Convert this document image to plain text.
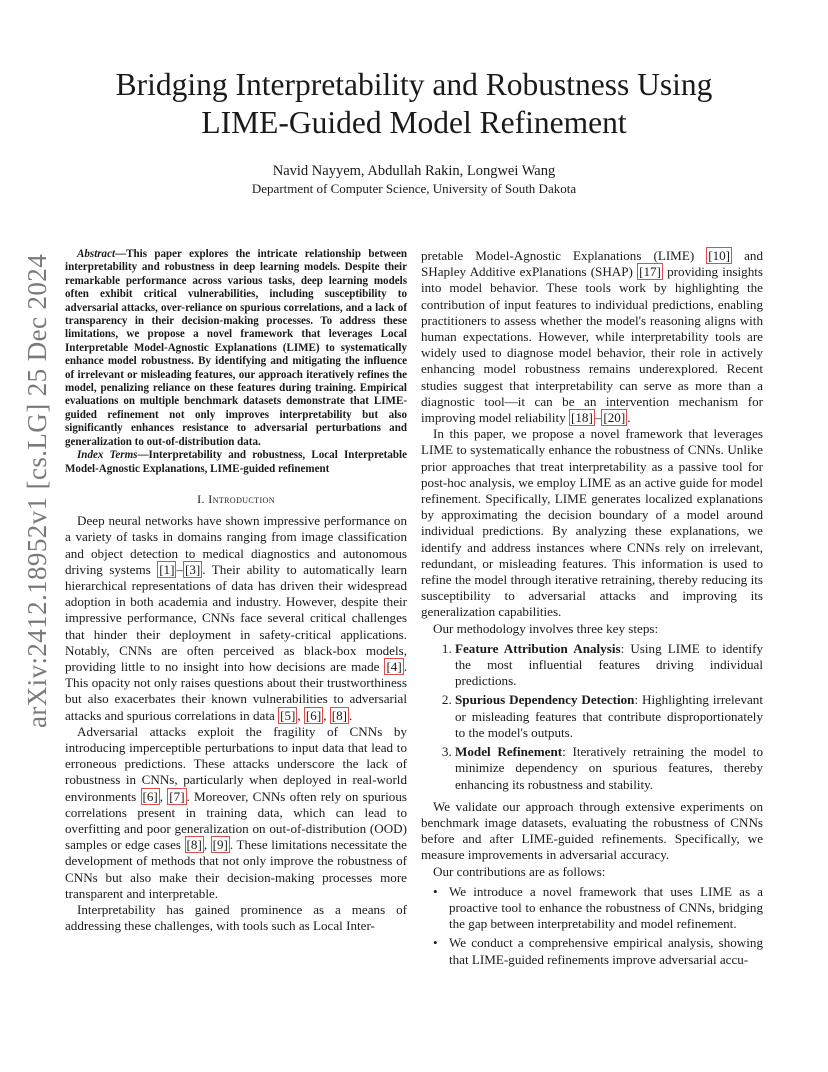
arXiv:2412.18952v1 [cs.LG] 25 Dec 2024
Bridging Interpretability and Robustness Using LIME-Guided Model Refinement
Navid Nayyem, Abdullah Rakin, Longwei Wang
Department of Computer Science, University of South Dakota

Abstract—This paper explores the intricate relationship between interpretability and robustness in deep learning models. Despite their remarkable performance across various tasks, deep learning models often exhibit critical vulnerabilities, including susceptibility to adversarial attacks, over-reliance on spurious correlations, and a lack of transparency in their decision-making processes. To address these limitations, we propose a novel framework that leverages Local Interpretable Model-Agnostic Explanations (LIME) to systematically enhance model robustness. By identifying and mitigating the influence of irrelevant or misleading features, our approach iteratively refines the model, penalizing reliance on these features during training. Empirical evaluations on multiple benchmark datasets demonstrate that LIME-guided refinement not only improves interpretability but also significantly enhances resistance to adversarial perturbations and generalization to out-of-distribution data.

Index Terms—Interpretability and robustness, Local Interpretable Model-Agnostic Explanations, LIME-guided refinement

I. Introduction

Deep neural networks have shown impressive performance on a variety of tasks in domains ranging from image classification and object detection to medical diagnostics and autonomous driving systems [1] – [3] . Their ability to automatically learn hierarchical representations of data has driven their widespread adoption in both academia and industry. However, despite their impressive performance, CNNs face several critical challenges that hinder their deployment in safety-critical applications. Notably, CNNs are often perceived as black-box models, providing little to no insight into how decisions are made [4] . This opacity not only raises questions about their trustworthiness but also exacerbates their known vulnerabilities to adversarial attacks and spurious correlations in data [5] , [6] , [8] .

Adversarial attacks exploit the fragility of CNNs by introducing imperceptible perturbations to input data that lead to erroneous predictions. These attacks underscore the lack of robustness in CNNs, particularly when deployed in real-world environments [6] , [7] . Moreover, CNNs often rely on spurious correlations present in training data, which can lead to overfitting and poor generalization on out-of-distribution (OOD) samples or edge cases [8] , [9] . These limitations necessitate the development of methods that not only improve the robustness of CNNs but also make their decision-making processes more transparent and interpretable.

Interpretability has gained prominence as a means of addressing these challenges, with tools such as Local Inter-

pretable Model-Agnostic Explanations (LIME) [10] and SHapley Additive exPlanations (SHAP) [17] providing insights into model behavior. These tools work by highlighting the contribution of input features to individual predictions, enabling practitioners to assess whether the model's reasoning aligns with human expectations. However, while interpretability tools are widely used to diagnose model behavior, their role in actively enhancing model robustness remains underexplored. Recent studies suggest that interpretability can serve as more than a diagnostic tool—it can be an intervention mechanism for improving model reliability [18] – [20] .

In this paper, we propose a novel framework that leverages LIME to systematically enhance the robustness of CNNs. Unlike prior approaches that treat interpretability as a passive tool for post-hoc analysis, we employ LIME as an active guide for model refinement. Specifically, LIME generates localized explanations by approximating the decision boundary of a model around individual predictions. By analyzing these explanations, we identify and address instances where CNNs rely on irrelevant, redundant, or misleading features. This information is used to refine the model through iterative retraining, thereby reducing its susceptibility to adversarial attacks and improving its generalization capabilities.

Our methodology involves three key steps:

1. Feature Attribution Analysis: Using LIME to identify the most influential features driving individual predictions.
2. Spurious Dependency Detection: Highlighting irrelevant or misleading features that contribute disproportionately to the model's outputs.
3. Model Refinement: Iteratively retraining the model to minimize dependency on spurious features, thereby enhancing its robustness and stability.

We validate our approach through extensive experiments on benchmark image datasets, evaluating the robustness of CNNs before and after LIME-guided refinements. Specifically, we measure improvements in adversarial accuracy.

Our contributions are as follows:

• We introduce a novel framework that uses LIME as a proactive tool to enhance the robustness of CNNs, bridging the gap between interpretability and model refinement.
• We conduct a comprehensive empirical analysis, showing that LIME-guided refinements improve adversarial accu-
